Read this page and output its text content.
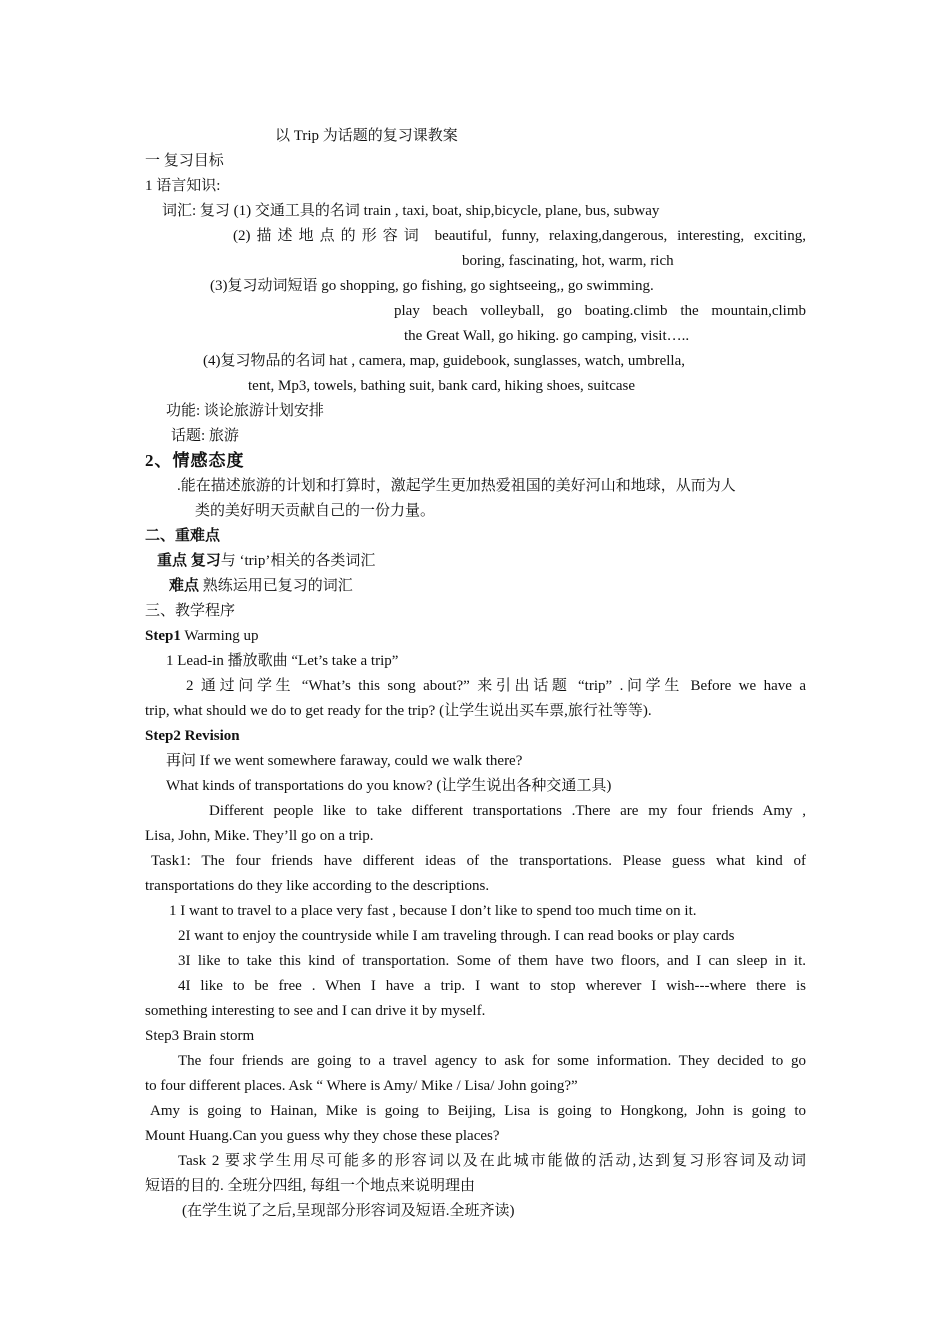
以 Trip 为话题的复习课教案
一 复习目标
1 语言知识:
词汇: 复习 (1) 交通工具的名词 train , taxi, boat, ship,bicycle, plane, bus, subway
(2)描述地点的形容词 beautiful, funny, relaxing,dangerous, interesting, exciting,
boring, fascinating, hot, warm, rich
(3)复习动词短语 go shopping, go fishing, go sightseeing,, go swimming.
play beach volleyball, go boating.climb the mountain,climb
the Great Wall, go hiking. go camping, visit…..
(4)复习物品的名词 hat , camera, map, guidebook, sunglasses, watch, umbrella,
tent, Mp3, towels, bathing suit, bank card, hiking shoes, suitcase
功能: 谈论旅游计划安排
话题: 旅游
2、情感态度
.能在描述旅游的计划和打算时，激起学生更加热爱祖国的美好河山和地球，从而为人
类的美好明天贡献自己的一份力量。
二、重难点
重点 复习与 ‘trip’相关的各类词汇
难点 熟练运用已复习的词汇
三、教学程序
Step1 Warming up
1 Lead-in 播放歌曲 “Let’s take a trip”
2 通过问学生 “What’s this song about?” 来引出话题 “trip” .问学生 Before we have a
trip, what should we do to get ready for the trip? (让学生说出买车票,旅行社等等).
Step2 Revision
再问 If we went somewhere faraway, could we walk there?
What kinds of transportations do you know? (让学生说出各种交通工具)
Different people like to take different transportations .There are my four friends Amy ,
Lisa, John, Mike. They’ll go on a trip.
Task1: The four friends have different ideas of the transportations. Please guess what kind of
transportations do they like according to the descriptions.
1 I want to travel to a place very fast , because I don’t like to spend too much time on it.
2I want to enjoy the countryside while I am traveling through. I can read books or play cards
3I like to take this kind of transportation. Some of them have two floors, and I can sleep in it.
4I like to be free . When I have a trip. I want to stop wherever I wish---where there is
something interesting to see and I can drive it by myself.
Step3 Brain storm
The four friends are going to a travel agency to ask for some information. They decided to go
to four different places. Ask “ Where is Amy/ Mike / Lisa/ John going?”
Amy is going to Hainan, Mike is going to Beijing, Lisa is going to Hongkong, John is going to
Mount Huang.Can you guess why they chose these places?
Task 2 要求学生用尽可能多的形容词以及在此城市能做的活动,达到复习形容词及动词
短语的目的. 全班分四组, 每组一个地点来说明理由
(在学生说了之后,呈现部分形容词及短语.全班齐读)
